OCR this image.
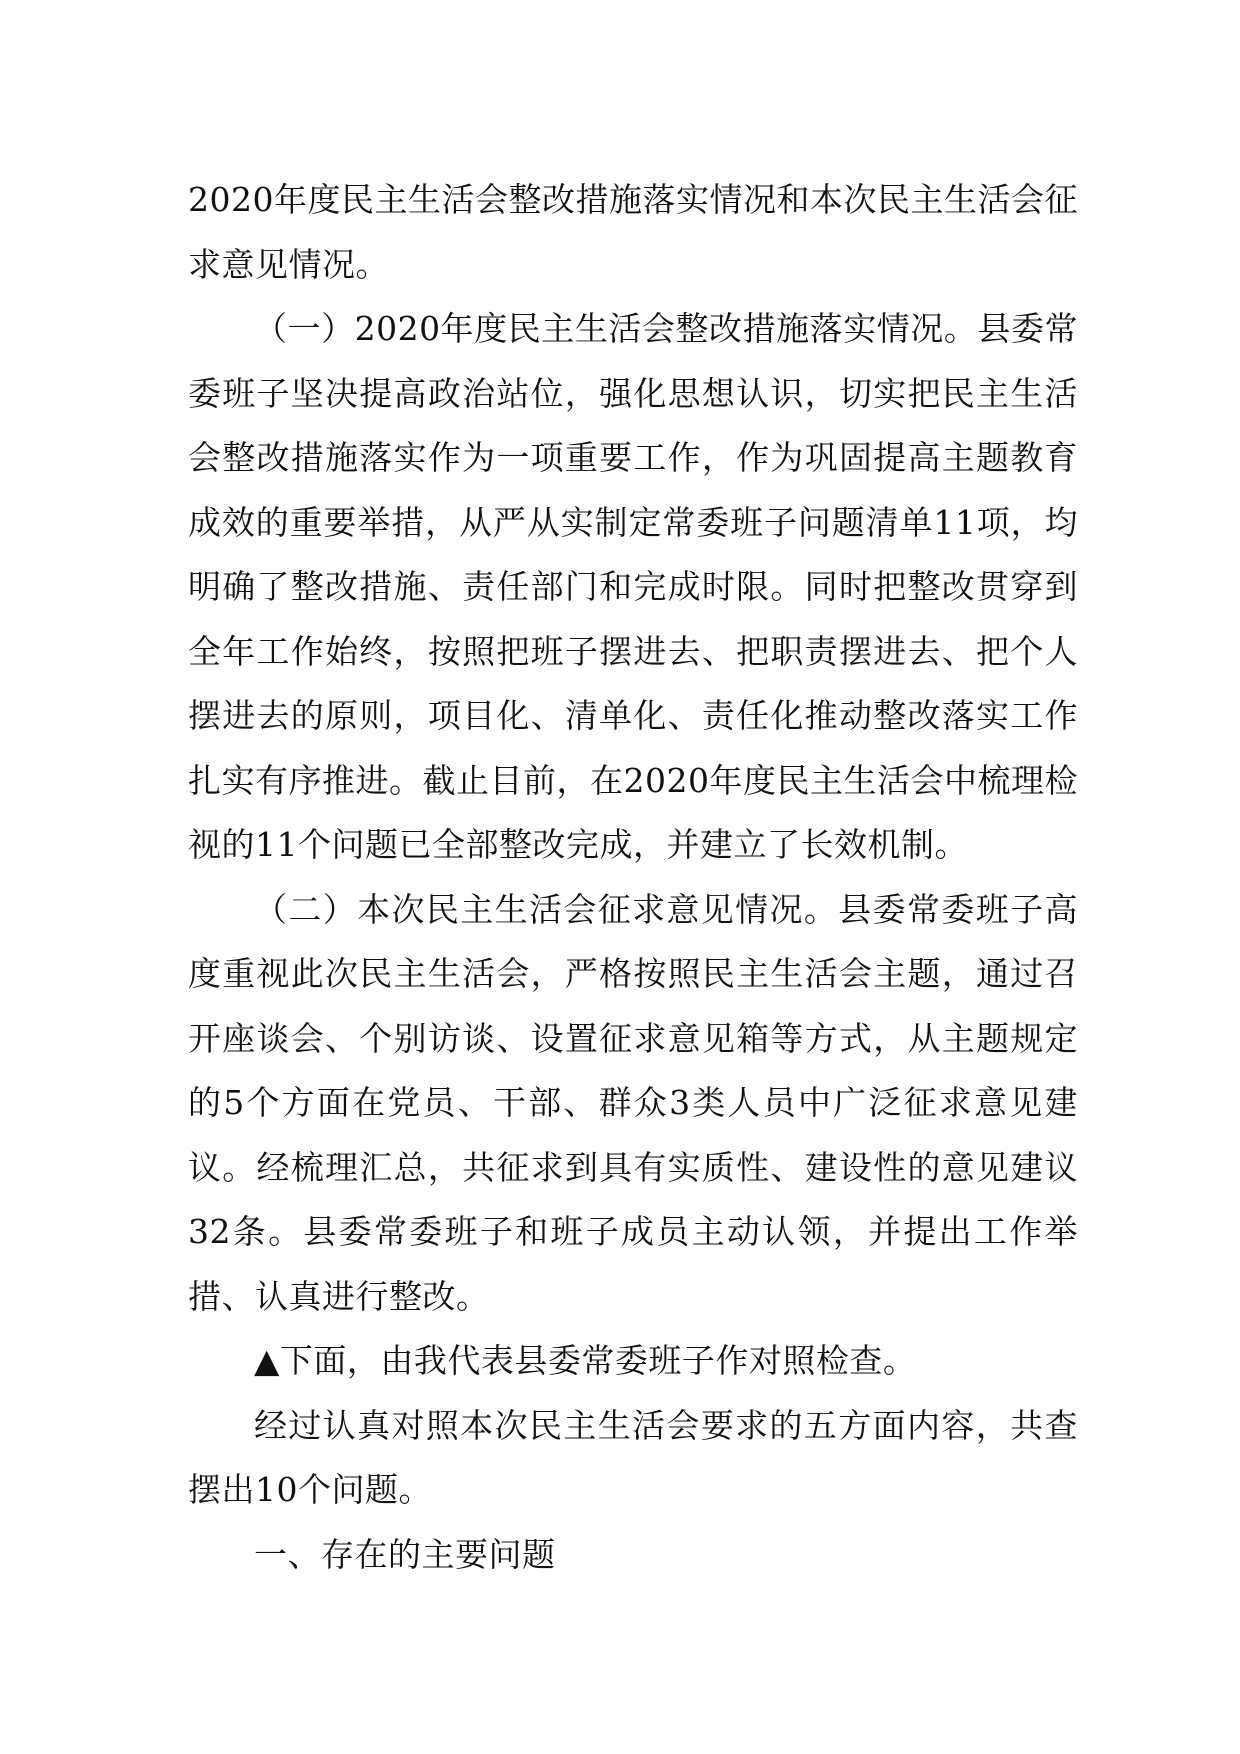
2020年度民主生活会整改措施落实情况和本次民主生活会征求意见情况。

（一）2020年度民主生活会整改措施落实情况。县委常委班子坚决提高政治站位，强化思想认识，切实把民主生活会整改措施落实作为一项重要工作，作为巩固提高主题教育成效的重要举措，从严从实制定常委班子问题清单11项，均明确了整改措施、责任部门和完成时限。同时把整改贯穿到全年工作始终，按照把班子摆进去、把职责摆进去、把个人摆进去的原则，项目化、清单化、责任化推动整改落实工作扎实有序推进。截止目前，在2020年度民主生活会中梳理检视的11个问题已全部整改完成，并建立了长效机制。

（二）本次民主生活会征求意见情况。县委常委班子高度重视此次民主生活会，严格按照民主生活会主题，通过召开座谈会、个别访谈、设置征求意见箱等方式，从主题规定的5个方面在党员、干部、群众3类人员中广泛征求意见建议。经梳理汇总，共征求到具有实质性、建设性的意见建议32条。县委常委班子和班子成员主动认领，并提出工作举措、认真进行整改。

▲下面，由我代表县委常委班子作对照检查。

经过认真对照本次民主生活会要求的五方面内容，共查摆出10个问题。

一、存在的主要问题
